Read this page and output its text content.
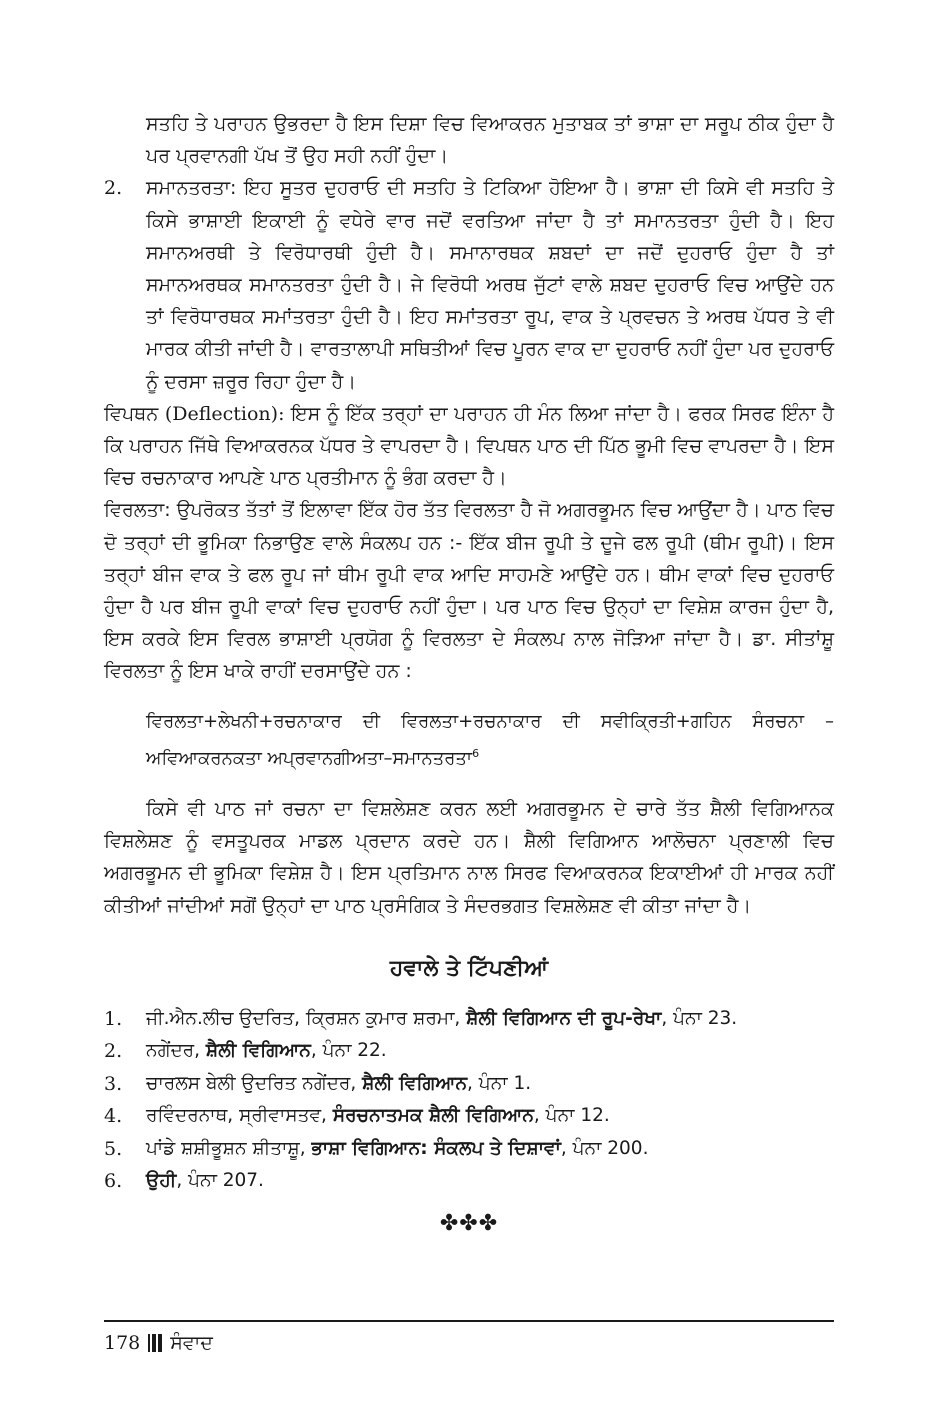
ਸਤਹਿ ਤੇ ਪਰਾਹਨ ਉਭਰਦਾ ਹੈ ਇਸ ਦਿਸ਼ਾ ਵਿਚ ਵਿਆਕਰਨ ਮੁਤਾਬਕ ਤਾਂ ਭਾਸ਼ਾ ਦਾ ਸਰੂਪ ਠੀਕ ਹੁੰਦਾ ਹੈ ਪਰ ਪ੍ਰਵਾਨਗੀ ਪੱਖ ਤੋਂ ਉਹ ਸਹੀ ਨਹੀਂ ਹੁੰਦਾ।

2.	ਸਮਾਨਤਰਤਾ: ਇਹ ਸੂਤਰ ਦੁਹਰਾਓ ਦੀ ਸਤਹਿ ਤੇ ਟਿਕਿਆ ਹੋਇਆ ਹੈ। ਭਾਸ਼ਾ ਦੀ ਕਿਸੇ ਵੀ ਸਤਹਿ ਤੇ ਕਿਸੇ ਭਾਸ਼ਾਈ ਇਕਾਈ ਨੂੰ ਵਧੇਰੇ ਵਾਰ ਜਦੋਂ ਵਰਤਿਆ ਜਾਂਦਾ ਹੈ ਤਾਂ ਸਮਾਨਤਰਤਾ ਹੁੰਦੀ ਹੈ। ਇਹ ਸਮਾਨਅਰਥੀ ਤੇ ਵਿਰੋਧਾਰਥੀ ਹੁੰਦੀ ਹੈ। ਸਮਾਨਾਰਥਕ ਸ਼ਬਦਾਂ ਦਾ ਜਦੋਂ ਦੁਹਰਾਓ ਹੁੰਦਾ ਹੈ ਤਾਂ ਸਮਾਨਅਰਥਕ ਸਮਾਨਤਰਤਾ ਹੁੰਦੀ ਹੈ। ਜੇ ਵਿਰੋਧੀ ਅਰਥ ਜੁੱਟਾਂ ਵਾਲੇ ਸ਼ਬਦ ਦੁਹਰਾਓ ਵਿਚ ਆਉਂਦੇ ਹਨ ਤਾਂ ਵਿਰੋਧਾਰਥਕ ਸਮਾਂਤਰਤਾ ਹੁੰਦੀ ਹੈ। ਇਹ ਸਮਾਂਤਰਤਾ ਰੂਪ, ਵਾਕ ਤੇ ਪ੍ਰਵਚਨ ਤੇ ਅਰਥ ਪੱਧਰ ਤੇ ਵੀ ਮਾਰਕ ਕੀਤੀ ਜਾਂਦੀ ਹੈ। ਵਾਰਤਾਲਾਪੀ ਸਥਿਤੀਆਂ ਵਿਚ ਪੂਰਨ ਵਾਕ ਦਾ ਦੁਹਰਾਓ ਨਹੀਂ ਹੁੰਦਾ ਪਰ ਦੁਹਰਾਓ ਨੂੰ ਦਰਸਾ ਜ਼ਰੂਰ ਰਿਹਾ ਹੁੰਦਾ ਹੈ।

ਵਿਪਥਨ (Deflection): ਇਸ ਨੂੰ ਇੱਕ ਤਰ੍ਹਾਂ ਦਾ ਪਰਾਹਨ ਹੀ ਮੰਨ ਲਿਆ ਜਾਂਦਾ ਹੈ। ਫਰਕ ਸਿਰਫ ਇੰਨਾ ਹੈ ਕਿ ਪਰਾਹਨ ਜਿੱਥੇ ਵਿਆਕਰਨਕ ਪੱਧਰ ਤੇ ਵਾਪਰਦਾ ਹੈ। ਵਿਪਥਨ ਪਾਠ ਦੀ ਪਿੱਠ ਭੂਮੀ ਵਿਚ ਵਾਪਰਦਾ ਹੈ। ਇਸ ਵਿਚ ਰਚਨਾਕਾਰ ਆਪਣੇ ਪਾਠ ਪ੍ਰਤੀਮਾਨ ਨੂੰ ਭੰਗ ਕਰਦਾ ਹੈ।

ਵਿਰਲਤਾ: ਉਪਰੋਕਤ ਤੱਤਾਂ ਤੋਂ ਇਲਾਵਾ ਇੱਕ ਹੋਰ ਤੱਤ ਵਿਰਲਤਾ ਹੈ ਜੋ ਅਗਰਭੂਮਨ ਵਿਚ ਆਉਂਦਾ ਹੈ। ਪਾਠ ਵਿਚ ਦੋ ਤਰ੍ਹਾਂ ਦੀ ਭੂਮਿਕਾ ਨਿਭਾਉਣ ਵਾਲੇ ਸੰਕਲਪ ਹਨ :- ਇੱਕ ਬੀਜ ਰੂਪੀ ਤੇ ਦੂਜੇ ਫਲ ਰੂਪੀ (ਥੀਮ ਰੂਪੀ)। ਇਸ ਤਰ੍ਹਾਂ ਬੀਜ ਵਾਕ ਤੇ ਫਲ ਰੂਪ ਜਾਂ ਥੀਮ ਰੂਪੀ ਵਾਕ ਆਦਿ ਸਾਹਮਣੇ ਆਉਂਦੇ ਹਨ। ਥੀਮ ਵਾਕਾਂ ਵਿਚ ਦੁਹਰਾਓ ਹੁੰਦਾ ਹੈ ਪਰ ਬੀਜ ਰੂਪੀ ਵਾਕਾਂ ਵਿਚ ਦੁਹਰਾਓ ਨਹੀਂ ਹੁੰਦਾ। ਪਰ ਪਾਠ ਵਿਚ ਉਨ੍ਹਾਂ ਦਾ ਵਿਸ਼ੇਸ਼ ਕਾਰਜ ਹੁੰਦਾ ਹੈ, ਇਸ ਕਰਕੇ ਇਸ ਵਿਰਲ ਭਾਸ਼ਾਈ ਪ੍ਰਯੋਗ ਨੂੰ ਵਿਰਲਤਾ ਦੇ ਸੰਕਲਪ ਨਾਲ ਜੋੜਿਆ ਜਾਂਦਾ ਹੈ। ਡਾ. ਸੀਤਾਂਸ਼ੂ ਵਿਰਲਤਾ ਨੂੰ ਇਸ ਖਾਕੇ ਰਾਹੀਂ ਦਰਸਾਉਂਦੇ ਹਨ :

ਵਿਰਲਤਾ+ਲੇਖਨੀ+ਰਚਨਾਕਾਰ ਦੀ ਵਿਰਲਤਾ+ਰਚਨਾਕਾਰ ਦੀ ਸਵੀਕ੍ਰਿਤੀ+ਗਹਿਨ ਸੰਰਚਨਾ –ਅਵਿਆਕਰਨਕਤਾ ਅਪ੍ਰਵਾਨਗੀਅਤਾ–ਸਮਾਨਤਰਤਾ$^6$

ਕਿਸੇ ਵੀ ਪਾਠ ਜਾਂ ਰਚਨਾ ਦਾ ਵਿਸ਼ਲੇਸ਼ਣ ਕਰਨ ਲਈ ਅਗਰਭੂਮਨ ਦੇ ਚਾਰੇ ਤੱਤ ਸ਼ੈਲੀ ਵਿਗਿਆਨਕ ਵਿਸ਼ਲੇਸ਼ਣ ਨੂੰ ਵਸਤੂਪਰਕ ਮਾਡਲ ਪ੍ਰਦਾਨ ਕਰਦੇ ਹਨ। ਸ਼ੈਲੀ ਵਿਗਿਆਨ ਆਲੋਚਨਾ ਪ੍ਰਣਾਲੀ ਵਿਚ ਅਗਰਭੂਮਨ ਦੀ ਭੂਮਿਕਾ ਵਿਸ਼ੇਸ਼ ਹੈ। ਇਸ ਪ੍ਰਤਿਮਾਨ ਨਾਲ ਸਿਰਫ ਵਿਆਕਰਨਕ ਇਕਾਈਆਂ ਹੀ ਮਾਰਕ ਨਹੀਂ ਕੀਤੀਆਂ ਜਾਂਦੀਆਂ ਸਗੋਂ ਉਨ੍ਹਾਂ ਦਾ ਪਾਠ ਪ੍ਰਸੰਗਿਕ ਤੇ ਸੰਦਰਭਗਤ ਵਿਸ਼ਲੇਸ਼ਣ ਵੀ ਕੀਤਾ ਜਾਂਦਾ ਹੈ।

ਹਵਾਲੇ ਤੇ ਟਿੱਪਣੀਆਂ
1.	ਜੀ.ਐਨ.ਲੀਚ ਉਦਰਿਤ, ਕ੍ਰਿਸ਼ਨ ਕੁਮਾਰ ਸ਼ਰਮਾ, ਸ਼ੈਲੀ ਵਿਗਿਆਨ ਦੀ ਰੂਪ-ਰੇਖਾ, ਪੰਨਾ 23.
2.	ਨਗੇਂਦਰ, ਸ਼ੈਲੀ ਵਿਗਿਆਨ, ਪੰਨਾ 22.
3.	ਚਾਰਲਸ ਬੇਲੀ ਉਦਰਿਤ ਨਗੇਂਦਰ, ਸ਼ੈਲੀ ਵਿਗਿਆਨ, ਪੰਨਾ 1.
4.	ਰਵਿੰਦਰਨਾਥ, ਸ੍ਰੀਵਾਸਤਵ, ਸੰਰਚਨਾਤਮਕ ਸ਼ੈਲੀ ਵਿਗਿਆਨ, ਪੰਨਾ 12.
5.	ਪਾਂਡੇ ਸ਼ਸ਼ੀਭੂਸ਼ਨ ਸ਼ੀਤਾਸ਼ੂ, ਭਾਸ਼ਾ ਵਿਗਿਆਨ: ਸੰਕਲਪ ਤੇ ਦਿਸ਼ਾਵਾਂ, ਪੰਨਾ 200.
6.	ਉਹੀ, ਪੰਨਾ 207.
✤✤✤
178 ਸੰਵਾਦ
